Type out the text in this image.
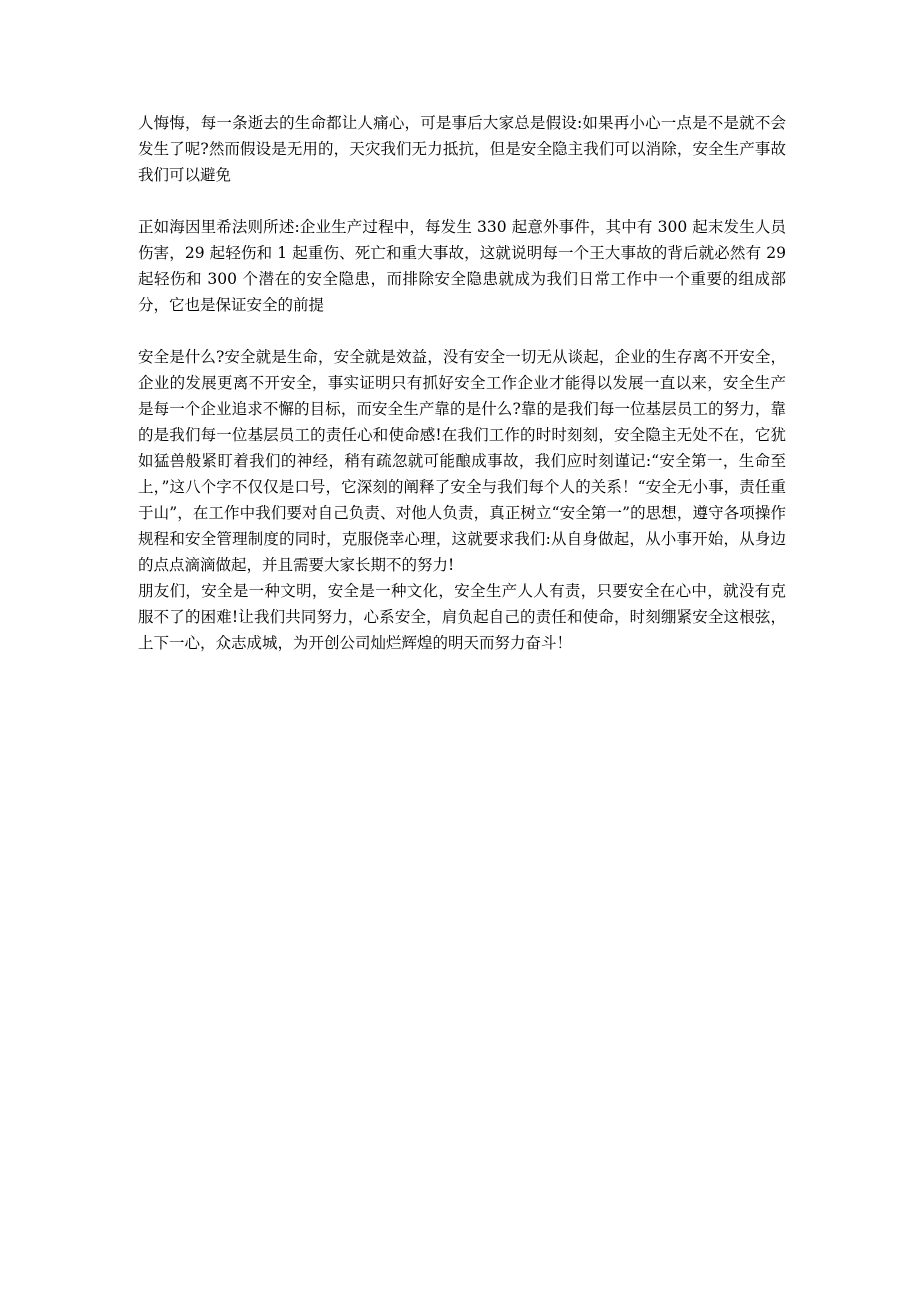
人悔悔，每一条逝去的生命都让人痛心，可是事后大家总是假设:如果再小心一点是不是就不会发生了呢?然而假设是无用的，天灾我们无力抵抗，但是安全隐主我们可以消除，安全生产事故我们可以避免

正如海因里希法则所述:企业生产过程中，每发生 330 起意外事件，其中有 300 起末发生人员伤害，29 起轻伤和 1 起重伤、死亡和重大事故，这就说明每一个王大事故的背后就必然有 29 起轻伤和 300 个潜在的安全隐患，而排除安全隐患就成为我们日常工作中一个重要的组成部分，它也是保证安全的前提

安全是什么?安全就是生命，安全就是效益，没有安全一切无从谈起，企业的生存离不开安全，企业的发展更离不开安全，事实证明只有抓好安全工作企业才能得以发展一直以来，安全生产是每一个企业追求不懈的目标，而安全生产靠的是什么?靠的是我们每一位基层员工的努力，靠的是我们每一位基层员工的责任心和使命感!在我们工作的时时刻刻，安全隐主无处不在，它犹如猛兽般紧盯着我们的神经，稍有疏忽就可能酿成事故，我们应时刻谨记:“安全第一，生命至上，”这八个字不仅仅是口号，它深刻的阐释了安全与我们每个人的关系！“安全无小事，责任重于山”，在工作中我们要对自己负责、对他人负责，真正树立“安全第一”的思想，遵守各项操作规程和安全管理制度的同时，克服侥幸心理，这就要求我们:从自身做起，从小事开始，从身边的点点滴滴做起，并且需要大家长期不的努力!

朋友们，安全是一种文明，安全是一种文化，安全生产人人有责，只要安全在心中，就没有克服不了的困难!让我们共同努力，心系安全，肩负起自己的责任和使命，时刻绷紧安全这根弦，上下一心，众志成城，为开创公司灿烂辉煌的明天而努力奋斗！
